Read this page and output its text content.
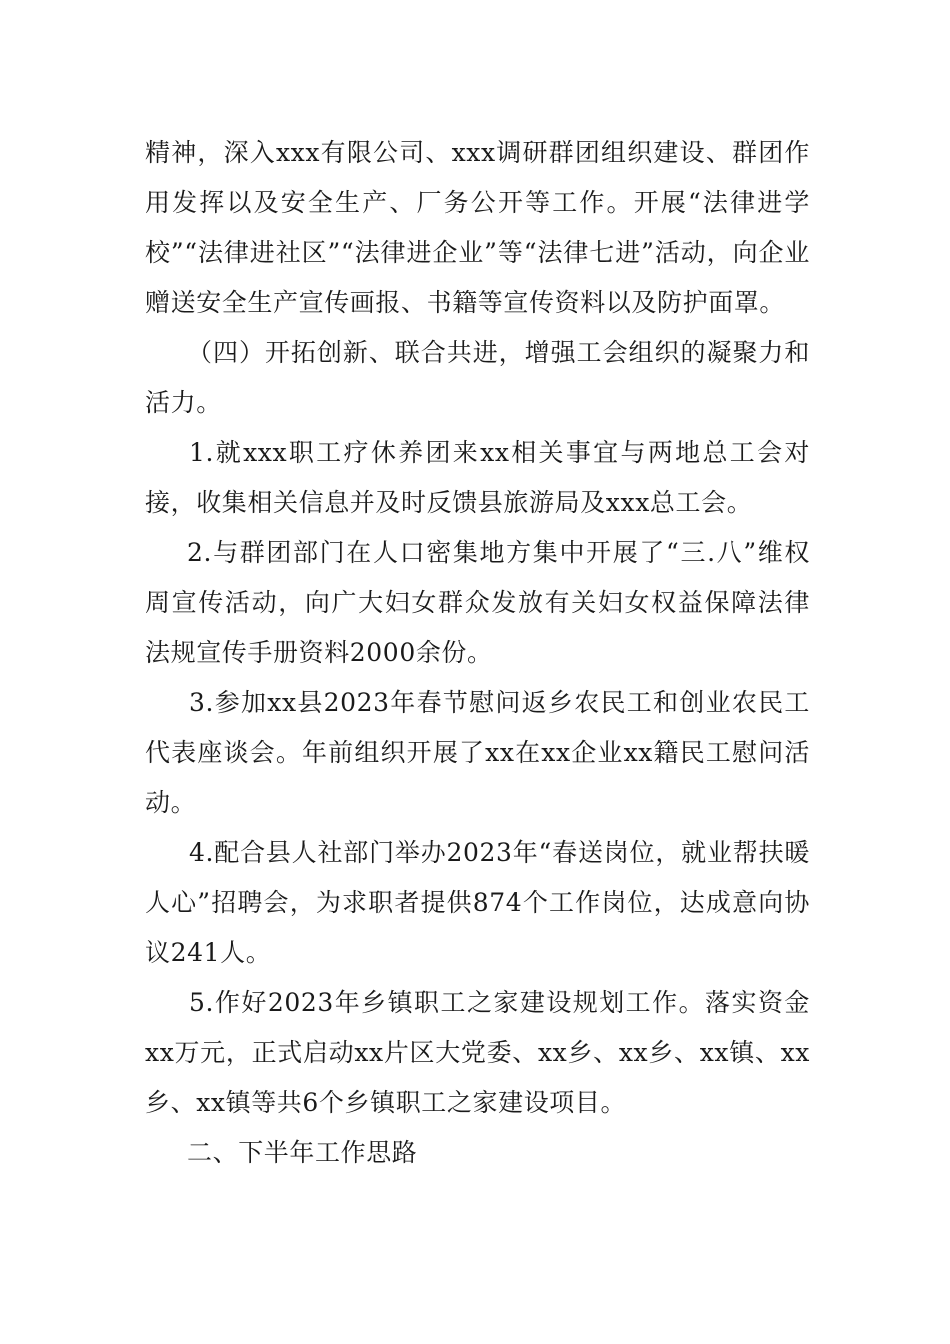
精神，深入xxx有限公司、xxx调研群团组织建设、群团作用发挥以及安全生产、厂务公开等工作。开展“法律进学校”“法律进社区”“法律进企业”等“法律七进”活动，向企业赠送安全生产宣传画报、书籍等宣传资料以及防护面罩。

（四）开拓创新、联合共进，增强工会组织的凝聚力和活力。

1.就xxx职工疗休养团来xx相关事宜与两地总工会对接，收集相关信息并及时反馈县旅游局及xxx总工会。

2.与群团部门在人口密集地方集中开展了“三.八”维权周宣传活动，向广大妇女群众发放有关妇女权益保障法律法规宣传手册资料2000余份。

3.参加xx县2023年春节慰问返乡农民工和创业农民工代表座谈会。年前组织开展了xx在xx企业xx籍民工慰问活动。

4.配合县人社部门举办2023年“春送岗位，就业帮扶暖人心”招聘会，为求职者提供874个工作岗位，达成意向协议241人。

5.作好2023年乡镇职工之家建设规划工作。落实资金xx万元，正式启动xx片区大党委、xx乡、xx乡、xx镇、xx乡、xx镇等共6个乡镇职工之家建设项目。

二、下半年工作思路
